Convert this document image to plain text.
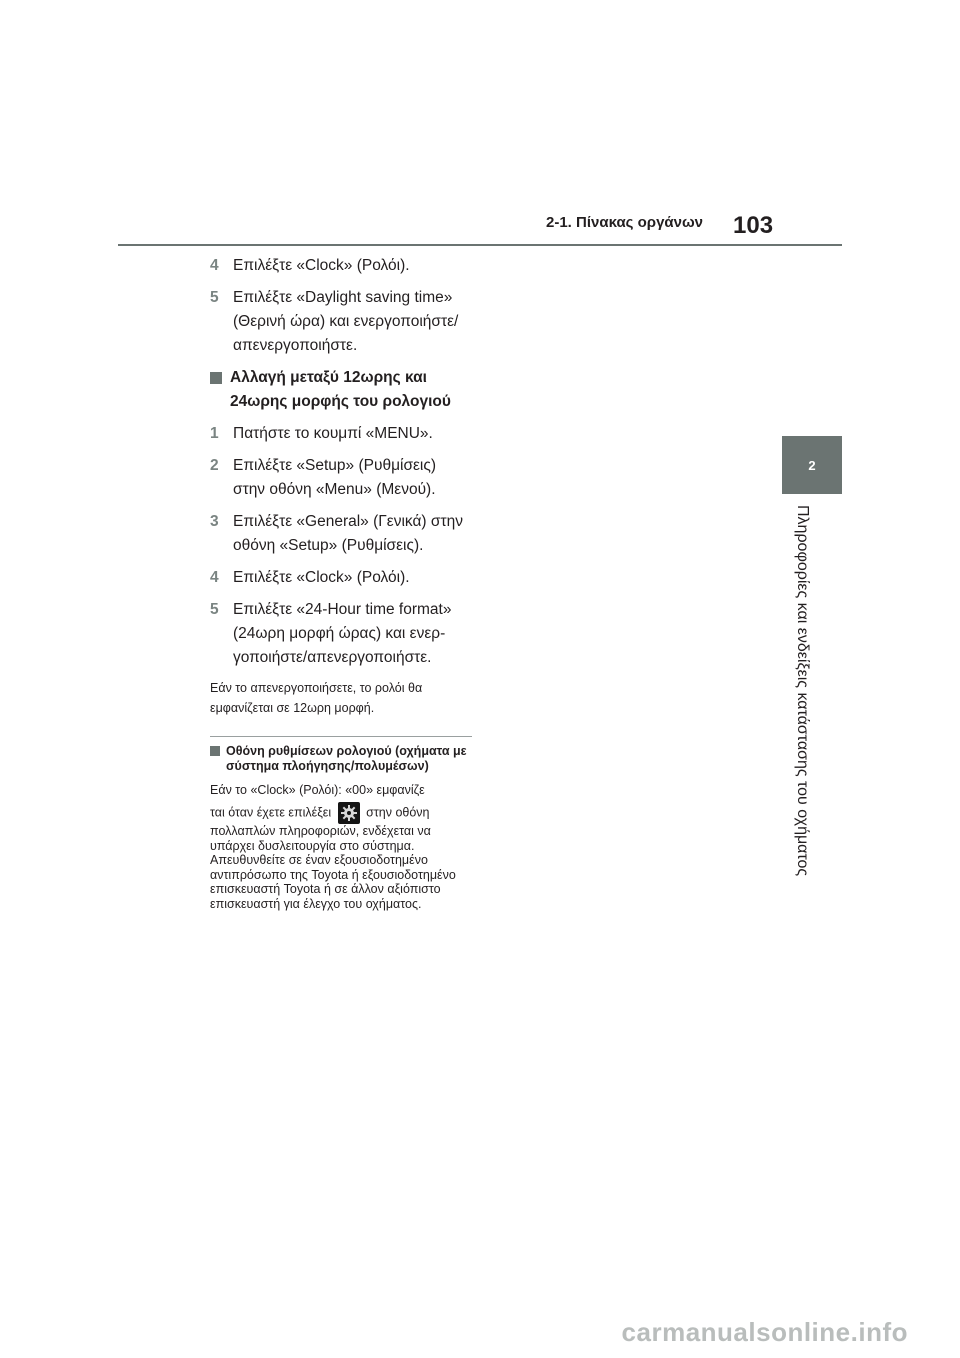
2-1. Πίνακας οργάνων 103
2
Πληροφορίες και ενδείξεις κατάστασης του οχήματος
4 Επιλέξτε «Clock» (Ρολόι).
5 Επιλέξτε «Daylight saving time» (Θερινή ώρα) και ενεργοποιήστε/απενεργοποιήστε.
Αλλαγή μεταξύ 12ωρης και 24ωρης μορφής του ρολογιού
1 Πατήστε το κουμπί «MENU».
2 Επιλέξτε «Setup» (Ρυθμίσεις) στην οθόνη «Menu» (Μενού).
3 Επιλέξτε «General» (Γενικά) στην οθόνη «Setup» (Ρυθμίσεις).
4 Επιλέξτε «Clock» (Ρολόι).
5 Επιλέξτε «24-Hour time format» (24ωρη μορφή ώρας) και ενεργοποιήστε/απενεργοποιήστε.
Εάν το απενεργοποιήσετε, το ρολόι θα εμφανίζεται σε 12ωρη μορφή.
Οθόνη ρυθμίσεων ρολογιού (οχήματα με σύστημα πλοήγησης/πολυμέσων)
Εάν το «Clock» (Ρολόι): «00» εμφανίζε
ται όταν έχετε επιλέξει	στην οθόνη
πολλαπλών πληροφοριών, ενδέχεται να υπάρχει δυσλειτουργία στο σύστημα. Απευθυνθείτε σε έναν εξουσιοδοτημένο αντιπρόσωπο της Toyota ή εξουσιοδοτημένο επισκευαστή Toyota ή σε άλλον αξιόπιστο επισκευαστή για έλεγχο του οχήματος.
carmanualsonline.info
